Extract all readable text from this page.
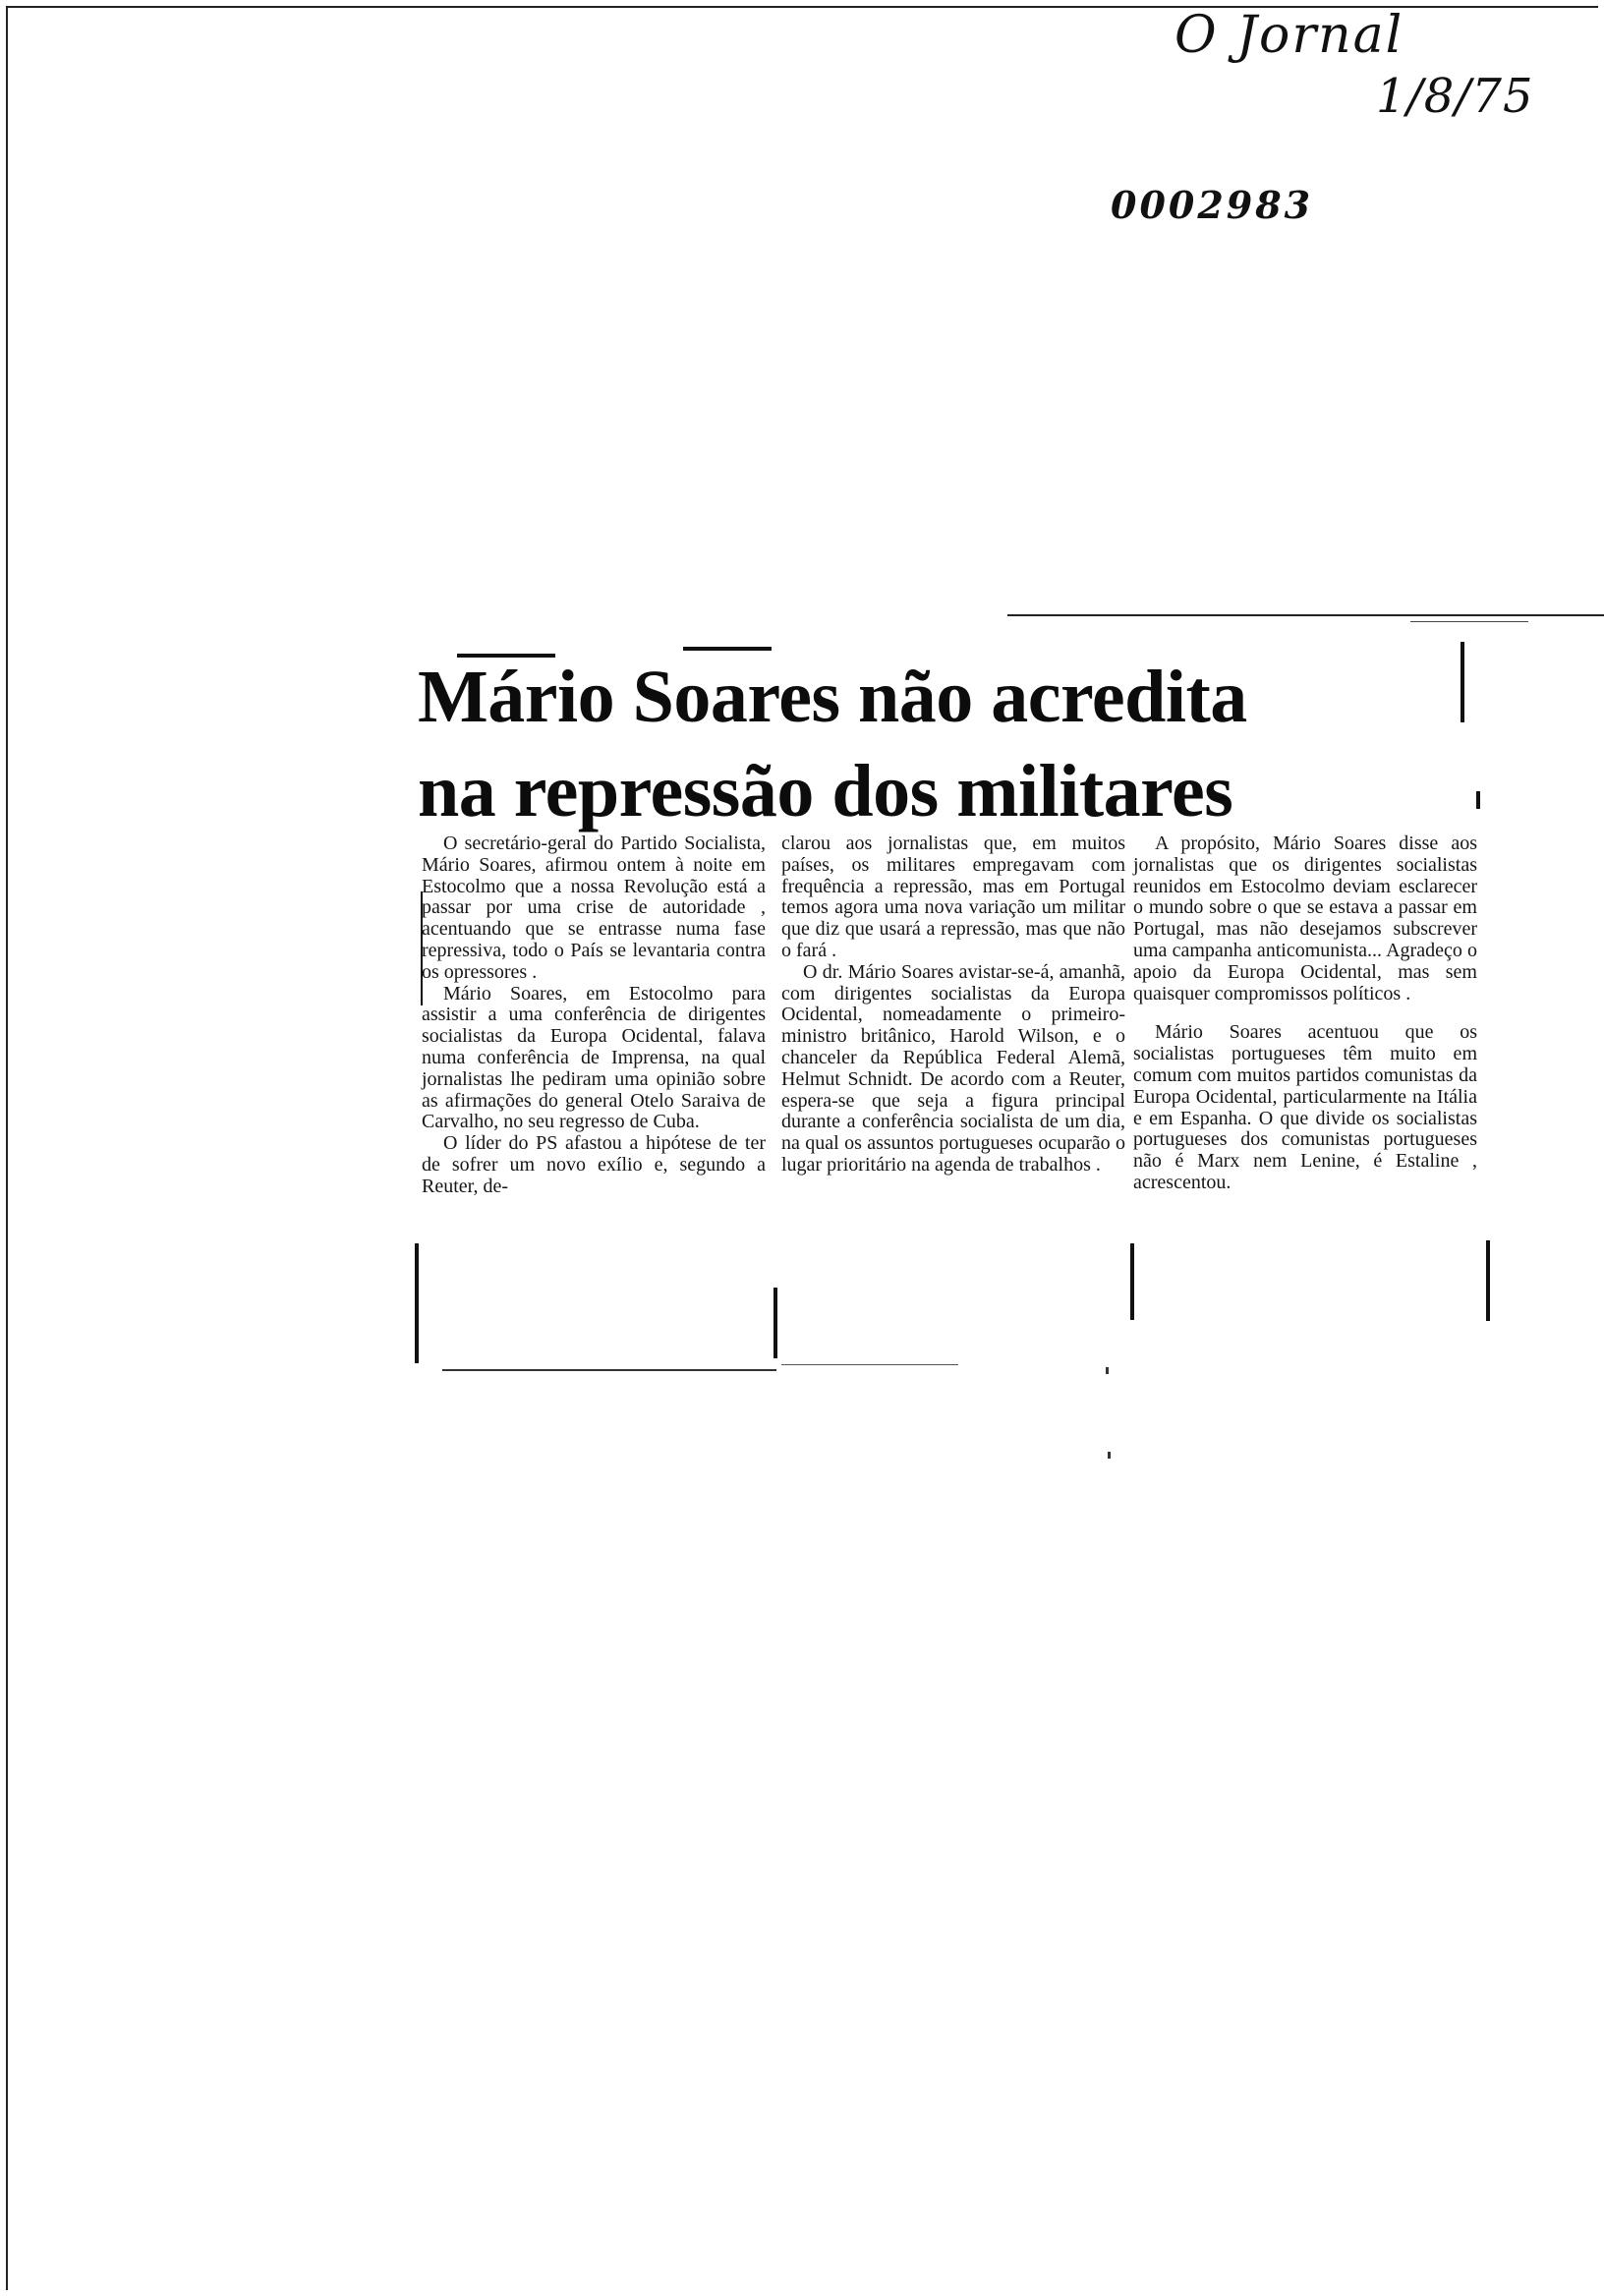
O Jornal
1/8/75
0002983
Mário Soares não acredita
na repressão dos militares

O secretário-geral do Partido Socialista, Mário Soares, afirmou ontem à noite em Estocolmo que a nossa Revolução está a passar por uma crise de autoridade , acentuando que se entrasse numa fase repressiva, todo o País se levantaria contra os opressores .

Mário Soares, em Estocolmo para assistir a uma conferência de dirigentes socialistas da Europa Ocidental, falava numa conferência de Imprensa, na qual jornalistas lhe pediram uma opinião sobre as afirmações do general Otelo Saraiva de Carvalho, no seu regresso de Cuba.

O líder do PS afastou a hipótese de ter de sofrer um novo exílio e, segundo a Reuter, de-

clarou aos jornalistas que, em muitos países, os militares empregavam com frequência a repressão, mas em Portugal temos agora uma nova variação um militar que diz que usará a repressão, mas que não o fará .

O dr. Mário Soares avistar-se-á, amanhã, com dirigentes socialistas da Europa Ocidental, nomeadamente o primeiro-ministro britânico, Harold Wilson, e o chanceler da República Federal Alemã, Helmut Schnidt. De acordo com a Reuter, espera-se que seja a figura principal durante a conferência socialista de um dia, na qual os assuntos portugueses ocuparão o lugar prioritário na agenda de trabalhos .

A propósito, Mário Soares disse aos jornalistas que os dirigentes socialistas reunidos em Estocolmo deviam esclarecer o mundo sobre o que se estava a passar em Portugal, mas não desejamos subscrever uma campanha anticomunista... Agradeço o apoio da Europa Ocidental, mas sem quaisquer compromissos políticos .

Mário Soares acentuou que os socialistas portugueses têm muito em comum com muitos partidos comunistas da Europa Ocidental, particularmente na Itália e em Espanha. O que divide os socialistas portugueses dos comunistas portugueses não é Marx nem Lenine, é Estaline , acrescentou.
